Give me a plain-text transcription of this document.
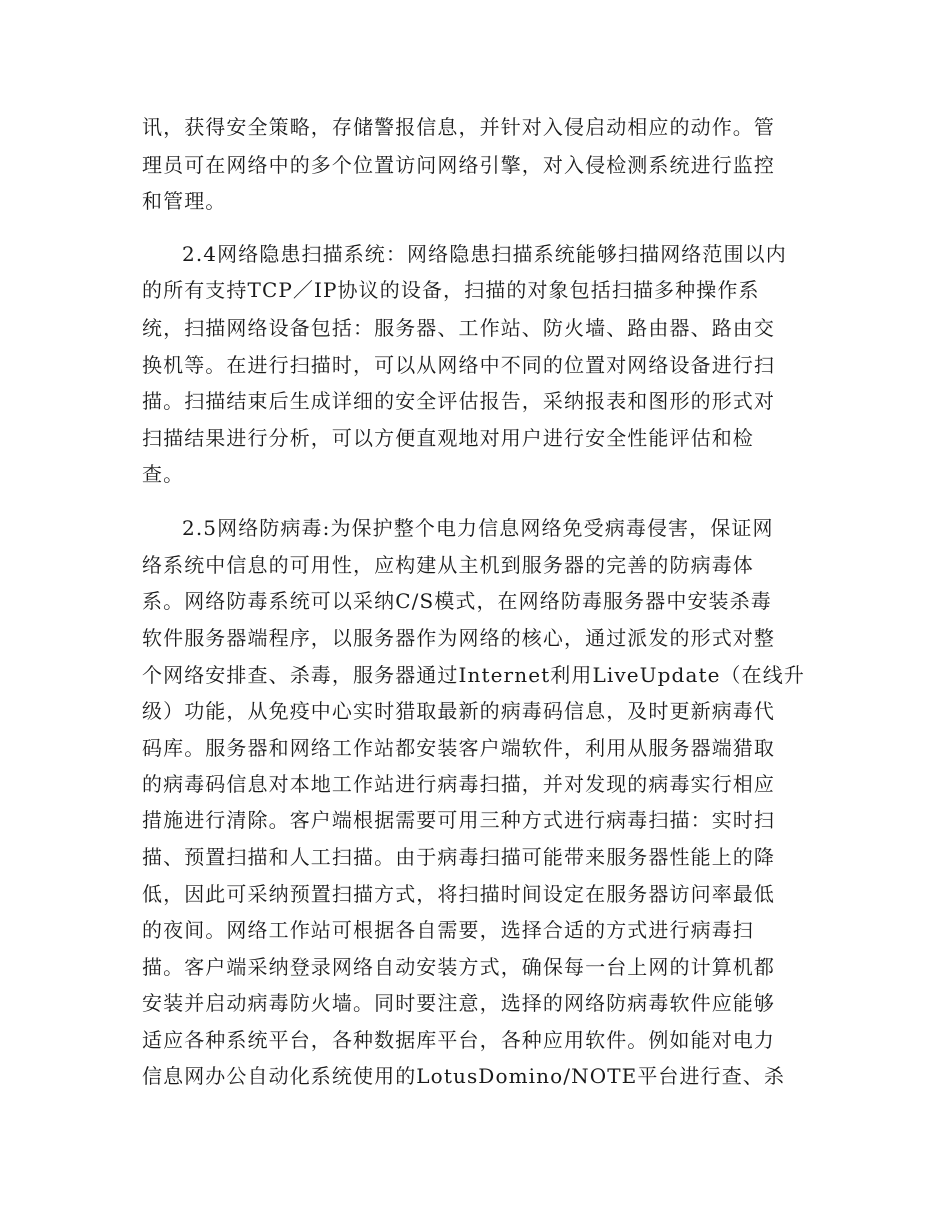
讯，获得安全策略，存储警报信息，并针对入侵启动相应的动作。管
理员可在网络中的多个位置访问网络引擎，对入侵检测系统进行监控
和管理。
2.4网络隐患扫描系统：网络隐患扫描系统能够扫描网络范围以内
的所有支持TCP／IP协议的设备，扫描的对象包括扫描多种操作系
统，扫描网络设备包括：服务器、工作站、防火墙、路由器、路由交
换机等。在进行扫描时，可以从网络中不同的位置对网络设备进行扫
描。扫描结束后生成详细的安全评估报告，采纳报表和图形的形式对
扫描结果进行分析，可以方便直观地对用户进行安全性能评估和检
查。
2.5网络防病毒:为保护整个电力信息网络免受病毒侵害，保证网
络系统中信息的可用性，应构建从主机到服务器的完善的防病毒体
系。网络防毒系统可以采纳C/S模式，在网络防毒服务器中安装杀毒
软件服务器端程序，以服务器作为网络的核心，通过派发的形式对整
个网络安排查、杀毒，服务器通过Internet利用LiveUpdate（在线升
级）功能，从免疫中心实时猎取最新的病毒码信息，及时更新病毒代
码库。服务器和网络工作站都安装客户端软件，利用从服务器端猎取
的病毒码信息对本地工作站进行病毒扫描，并对发现的病毒实行相应
措施进行清除。客户端根据需要可用三种方式进行病毒扫描：实时扫
描、预置扫描和人工扫描。由于病毒扫描可能带来服务器性能上的降
低，因此可采纳预置扫描方式，将扫描时间设定在服务器访问率最低
的夜间。网络工作站可根据各自需要，选择合适的方式进行病毒扫
描。客户端采纳登录网络自动安装方式，确保每一台上网的计算机都
安装并启动病毒防火墙。同时要注意，选择的网络防病毒软件应能够
适应各种系统平台，各种数据库平台，各种应用软件。例如能对电力
信息网办公自动化系统使用的LotusDomino/NOTE平台进行查、杀
